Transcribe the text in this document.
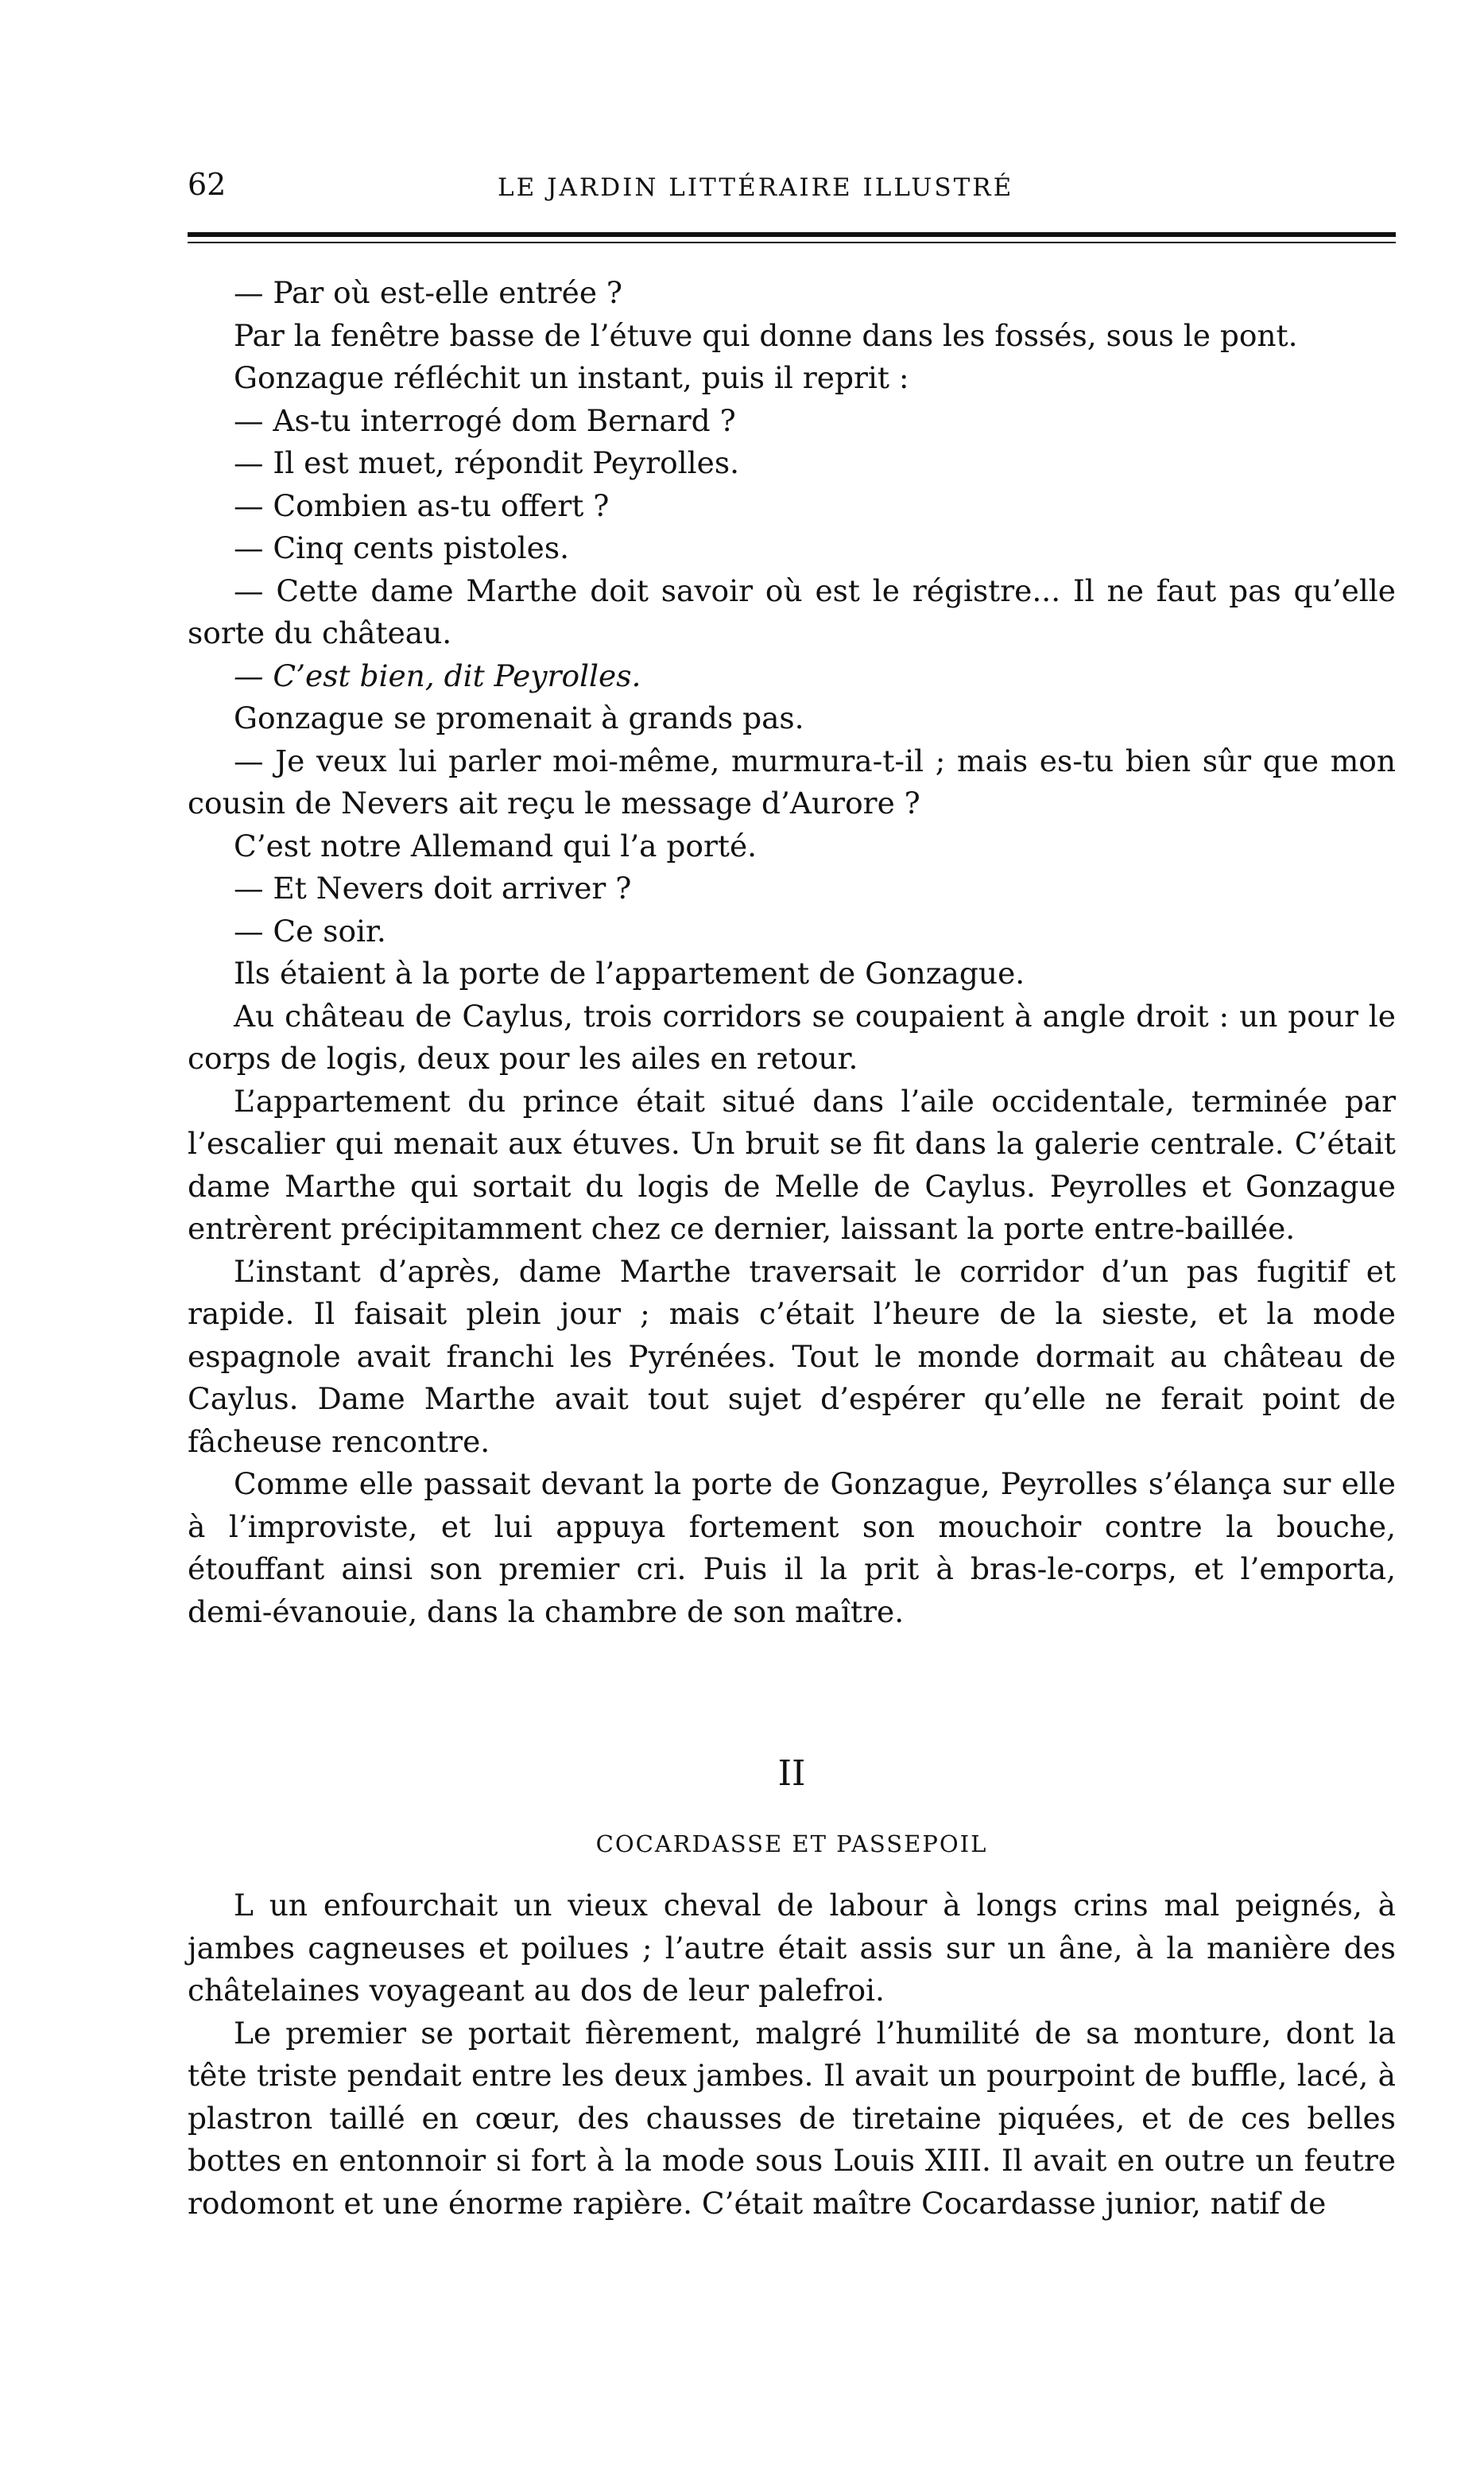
62	LE JARDIN LITTÉRAIRE ILLUSTRÉ

— Par où est-elle entrée ?

Par la fenêtre basse de l’étuve qui donne dans les fossés, sous le pont.

Gonzague réfléchit un instant, puis il reprit :

— As-tu interrogé dom Bernard ?

— Il est muet, répondit Peyrolles.

— Combien as-tu offert ?

— Cinq cents pistoles.

— Cette dame Marthe doit savoir où est le régistre... Il ne faut pas qu’elle sorte du château.

— C’est bien, dit Peyrolles.

Gonzague se promenait à grands pas.

— Je veux lui parler moi-même, murmura-t-il ; mais es-tu bien sûr que mon cousin de Nevers ait reçu le message d’Aurore ?

C’est notre Allemand qui l’a porté.

— Et Nevers doit arriver ?

— Ce soir.

Ils étaient à la porte de l’appartement de Gonzague.

Au château de Caylus, trois corridors se coupaient à angle droit : un pour le corps de logis, deux pour les ailes en retour.

L’appartement du prince était situé dans l’aile occidentale, terminée par l’escalier qui menait aux étuves. Un bruit se fit dans la galerie centrale. C’était dame Marthe qui sortait du logis de Melle de Caylus. Peyrolles et Gonzague entrèrent précipitamment chez ce dernier, laissant la porte entre-baillée.

L’instant d’après, dame Marthe traversait le corridor d’un pas fugitif et rapide. Il faisait plein jour ; mais c’était l’heure de la sieste, et la mode espagnole avait franchi les Pyrénées. Tout le monde dormait au château de Caylus. Dame Marthe avait tout sujet d’espérer qu’elle ne ferait point de fâcheuse rencontre.

Comme elle passait devant la porte de Gonzague, Peyrolles s’élança sur elle à l’improviste, et lui appuya fortement son mouchoir contre la bouche, étouffant ainsi son premier cri. Puis il la prit à bras-le-corps, et l’emporta, demi-évanouie, dans la chambre de son maître.

II
COCARDASSE ET PASSEPOIL

L un enfourchait un vieux cheval de labour à longs crins mal peignés, à jambes cagneuses et poilues ; l’autre était assis sur un âne, à la manière des châtelaines voyageant au dos de leur palefroi.

Le premier se portait fièrement, malgré l’humilité de sa monture, dont la tête triste pendait entre les deux jambes. Il avait un pourpoint de buffle, lacé, à plastron taillé en cœur, des chausses de tiretaine piquées, et de ces belles bottes en entonnoir si fort à la mode sous Louis XIII. Il avait en outre un feutre rodomont et une énorme rapière. C’était maître Cocardasse junior, natif de
